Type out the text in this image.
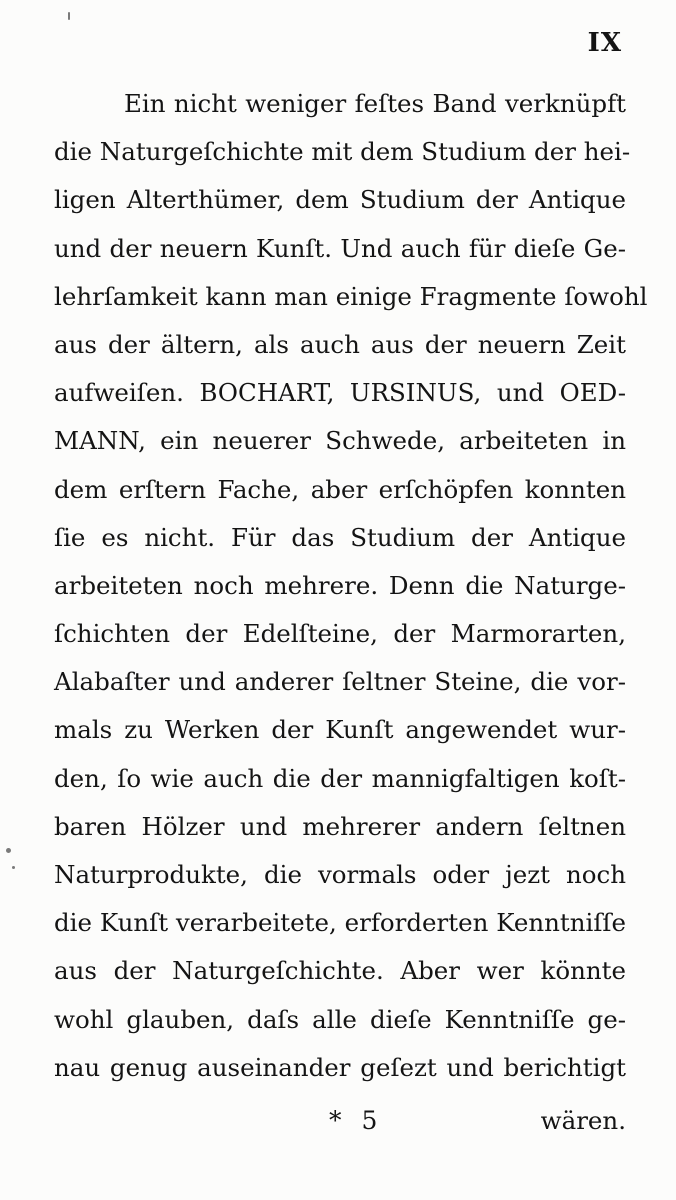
IX
Ein nicht weniger feſtes Band verknüpft
die Naturgeſchichte mit dem Studium der hei-
ligen Alterthümer, dem Studium der Antique
und der neuern Kunſt. Und auch für dieſe Ge-
lehrſamkeit kann man einige Fragmente ſowohl
aus der ältern, als auch aus der neuern Zeit
aufweiſen. BOCHART, URSINUS, und OED-
MANN, ein neuerer Schwede, arbeiteten in
dem erſtern Fache, aber erſchöpfen konnten
ſie es nicht. Für das Studium der Antique
arbeiteten noch mehrere. Denn die Naturge-
ſchichten der Edelſteine, der Marmorarten,
Alabaſter und anderer ſeltner Steine, die vor-
mals zu Werken der Kunſt angewendet wur-
den, ſo wie auch die der mannigfaltigen koſt-
baren Hölzer und mehrerer andern ſeltnen
Naturprodukte, die vormals oder jezt noch
die Kunſt verarbeitete, erforderten Kenntniſſe
aus der Naturgeſchichte. Aber wer könnte
wohl glauben, daſs alle dieſe Kenntniſſe ge-
nau genug auseinander geſezt und berichtigt
* 5	wären.
